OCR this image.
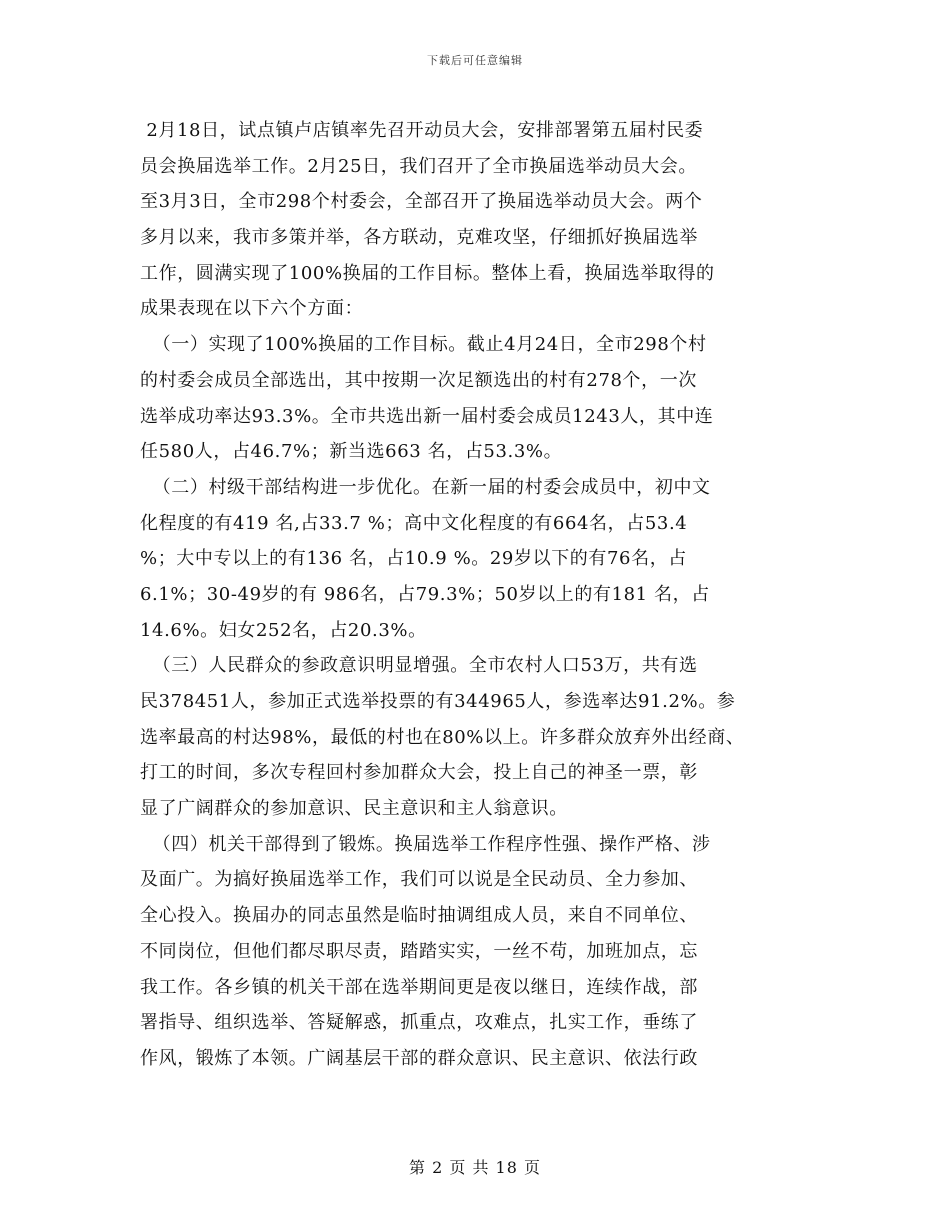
下载后可任意编辑
2月18日，试点镇卢店镇率先召开动员大会，安排部署第五届村民委
员会换届选举工作。2月25日，我们召开了全市换届选举动员大会。
至3月3日，全市298个村委会，全部召开了换届选举动员大会。两个
多月以来，我市多策并举，各方联动，克难攻坚，仔细抓好换届选举
工作，圆满实现了100%换届的工作目标。整体上看，换届选举取得的
成果表现在以下六个方面：
（一）实现了100%换届的工作目标。截止4月24日，全市298个村
的村委会成员全部选出，其中按期一次足额选出的村有278个，一次
选举成功率达93.3%。全市共选出新一届村委会成员1243人，其中连
任580人，占46.7%；新当选663 名，占53.3%。
（二）村级干部结构进一步优化。在新一届的村委会成员中，初中文
化程度的有419 名,占33.7 %；高中文化程度的有664名，占53.4
%；大中专以上的有136 名，占10.9 %。29岁以下的有76名，占
6.1%；30-49岁的有 986名，占79.3%；50岁以上的有181 名，占
14.6%。妇女252名，占20.3%。
（三）人民群众的参政意识明显增强。全市农村人口53万，共有选
民378451人，参加正式选举投票的有344965人，参选率达91.2%。参
选率最高的村达98%，最低的村也在80%以上。许多群众放弃外出经商、
打工的时间，多次专程回村参加群众大会，投上自己的神圣一票，彰
显了广阔群众的参加意识、民主意识和主人翁意识。
（四）机关干部得到了锻炼。换届选举工作程序性强、操作严格、涉
及面广。为搞好换届选举工作，我们可以说是全民动员、全力参加、
全心投入。换届办的同志虽然是临时抽调组成人员，来自不同单位、
不同岗位，但他们都尽职尽责，踏踏实实，一丝不苟，加班加点，忘
我工作。各乡镇的机关干部在选举期间更是夜以继日，连续作战，部
署指导、组织选举、答疑解惑，抓重点，攻难点，扎实工作，垂练了
作风，锻炼了本领。广阔基层干部的群众意识、民主意识、依法行政
第 2 页 共 18 页
